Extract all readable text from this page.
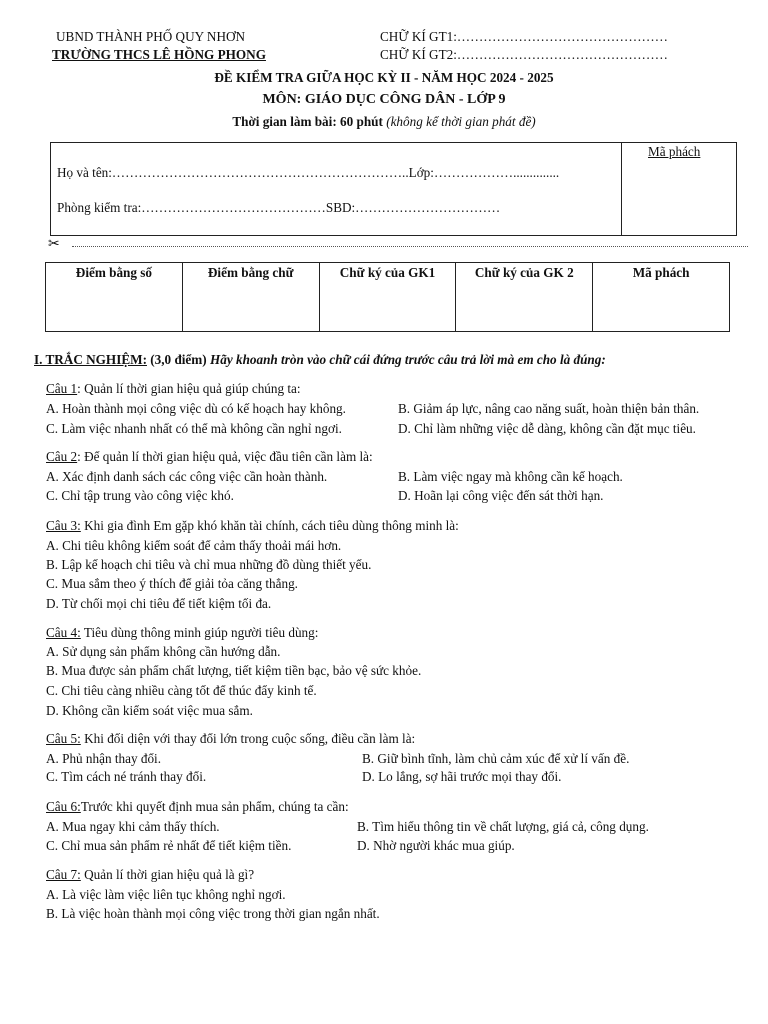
UBND THÀNH PHỐ QUY NHƠN
TRƯỜNG THCS LÊ HỒNG PHONG
CHỮ KÍ GT1:…………………………………………
CHỮ KÍ GT2:…………………………………………
ĐỀ KIỂM TRA GIỮA HỌC KỲ II - NĂM HỌC 2024 - 2025
MÔN: GIÁO DỤC CÔNG DÂN - LỚP 9
Thời gian làm bài: 60 phút (không kể thời gian phát đề)
Họ và tên:…………………………………………………………..Lớp:………………..............
Phòng kiểm tra:……………………………………SBD:……………………………
Mã phách
✂
Điểm bằng số	Điểm bằng chữ	Chữ ký của GK1	Chữ ký của GK 2	Mã phách
I. TRẮC NGHIỆM: (3,0 điểm) Hãy khoanh tròn vào chữ cái đứng trước câu trả lời mà em cho là đúng:
Câu 1: Quản lí thời gian hiệu quả giúp chúng ta:
A. Hoàn thành mọi công việc dù có kế hoạch hay không.	B. Giảm áp lực, nâng cao năng suất, hoàn thiện bản thân.
C. Làm việc nhanh nhất có thể mà không cần nghỉ ngơi.	D. Chỉ làm những việc dễ dàng, không cần đặt mục tiêu.
Câu 2: Để quản lí thời gian hiệu quả, việc đầu tiên cần làm là:
A. Xác định danh sách các công việc cần hoàn thành.	B. Làm việc ngay mà không cần kế hoạch.
C. Chỉ tập trung vào công việc khó.	D. Hoãn lại công việc đến sát thời hạn.
Câu 3: Khi gia đình Em gặp khó khăn tài chính, cách tiêu dùng thông minh là:
A. Chi tiêu không kiểm soát để cảm thấy thoải mái hơn.
B. Lập kế hoạch chi tiêu và chỉ mua những đồ dùng thiết yếu.
C. Mua sắm theo ý thích để giải tỏa căng thẳng.
D. Từ chối mọi chi tiêu để tiết kiệm tối đa.
Câu 4: Tiêu dùng thông minh giúp người tiêu dùng:
A. Sử dụng sản phẩm không cần hướng dẫn.
B. Mua được sản phẩm chất lượng, tiết kiệm tiền bạc, bảo vệ sức khỏe.
C. Chi tiêu càng nhiều càng tốt để thúc đẩy kinh tế.
D. Không cần kiểm soát việc mua sắm.
Câu 5: Khi đối diện với thay đổi lớn trong cuộc sống, điều cần làm là:
A. Phủ nhận thay đổi.	B. Giữ bình tĩnh, làm chủ cảm xúc để xử lí vấn đề.
C. Tìm cách né tránh thay đổi.	D. Lo lắng, sợ hãi trước mọi thay đổi.
Câu 6:Trước khi quyết định mua sản phẩm, chúng ta cần:
A. Mua ngay khi cảm thấy thích.	B. Tìm hiểu thông tin về chất lượng, giá cả, công dụng.
C. Chỉ mua sản phẩm rẻ nhất để tiết kiệm tiền.	D. Nhờ người khác mua giúp.
Câu 7: Quản lí thời gian hiệu quả là gì?
A. Là việc làm việc liên tục không nghỉ ngơi.
B. Là việc hoàn thành mọi công việc trong thời gian ngắn nhất.
